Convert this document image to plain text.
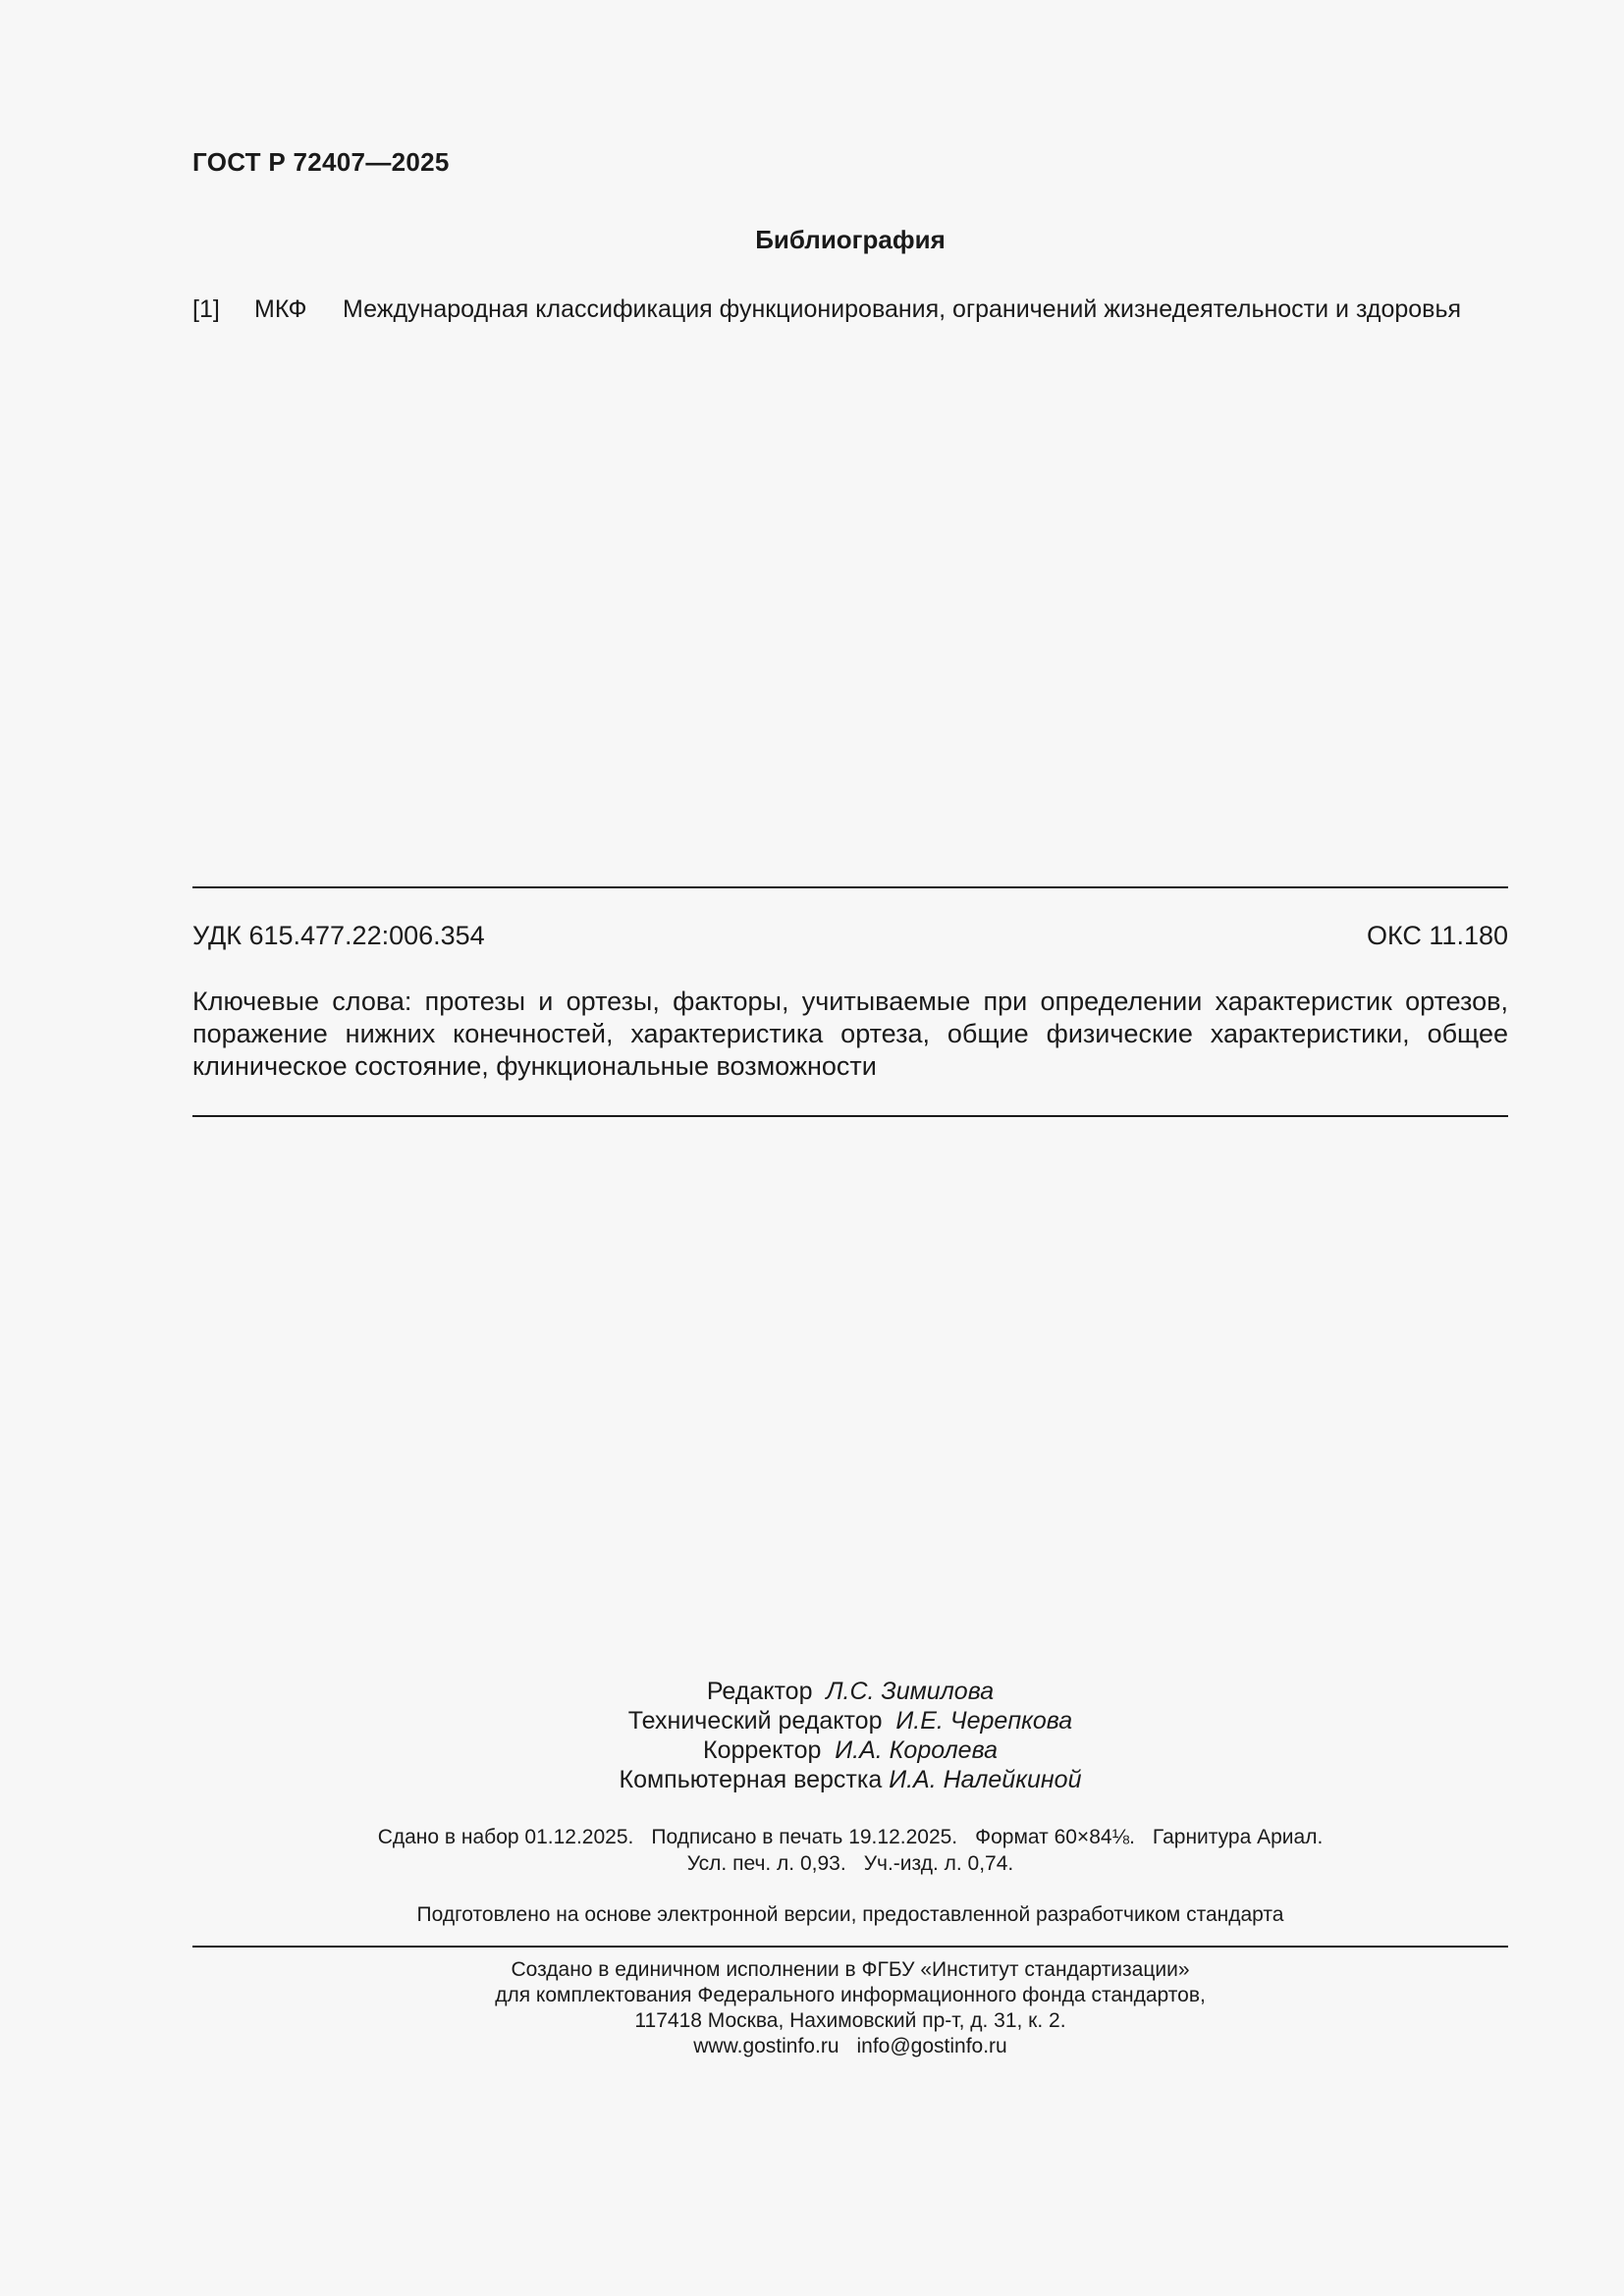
ГОСТ Р 72407—2025
Библиография
[1] МКФ Международная классификация функционирования, ограничений жизнедеятельности и здоровья
УДК 615.477.22:006.354	ОКС 11.180
Ключевые слова: протезы и ортезы, факторы, учитываемые при определении характеристик ортезов, поражение нижних конечностей, характеристика ортеза, общие физические характеристики, общее клиническое состояние, функциональные возможности
Редактор Л.С. Зимилова
Технический редактор И.Е. Черепкова
Корректор И.А. Королева
Компьютерная верстка И.А. Налейкиной
Сдано в набор 01.12.2025. Подписано в печать 19.12.2025. Формат 60×84⅛. Гарнитура Ариал.
Усл. печ. л. 0,93. Уч.-изд. л. 0,74.
Подготовлено на основе электронной версии, предоставленной разработчиком стандарта
Создано в единичном исполнении в ФГБУ «Институт стандартизации»
для комплектования Федерального информационного фонда стандартов,
117418 Москва, Нахимовский пр-т, д. 31, к. 2.
www.gostinfo.ru info@gostinfo.ru
